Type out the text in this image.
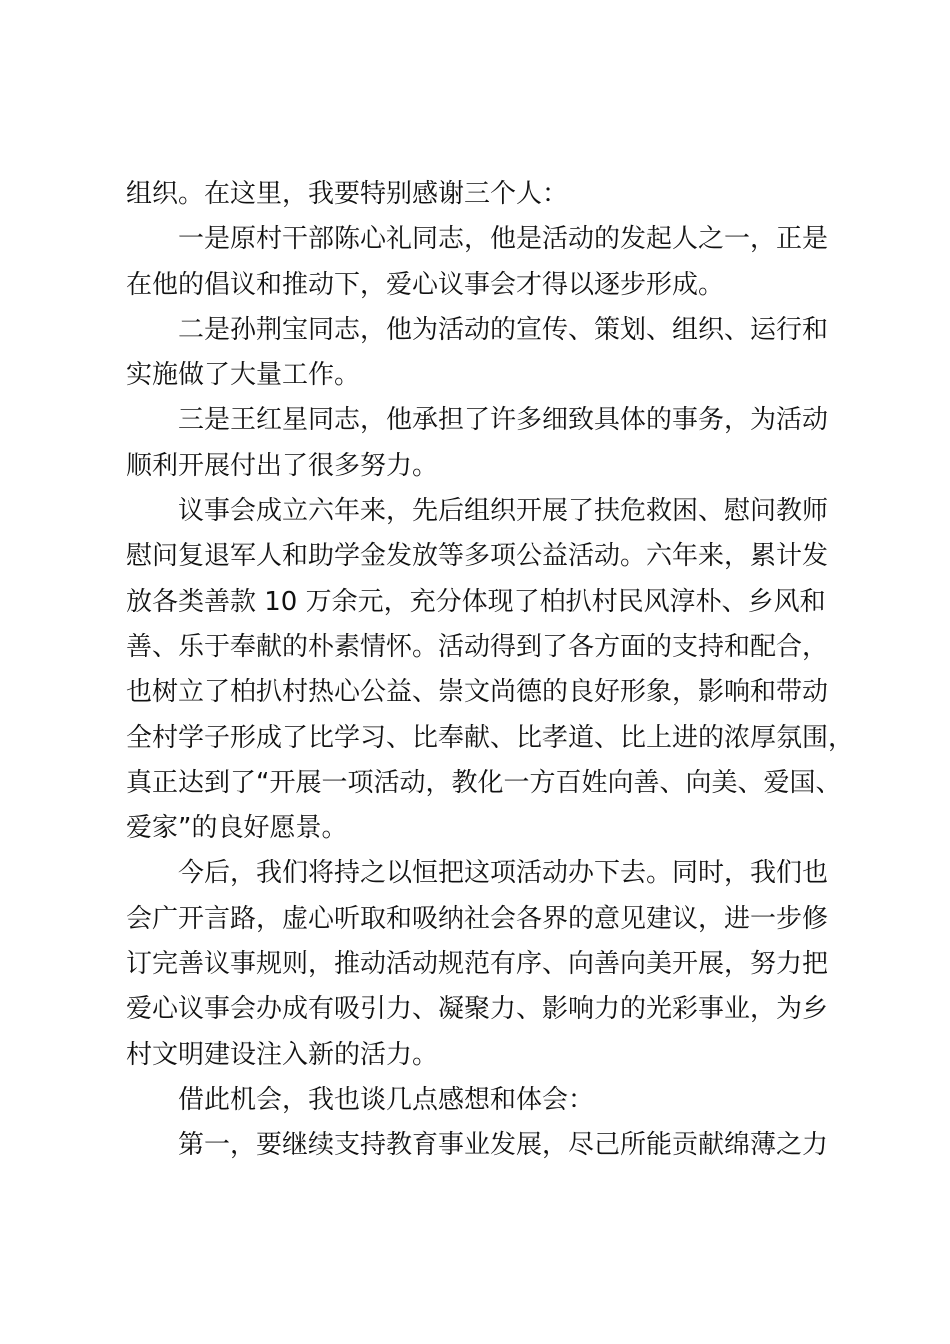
组织。在这里，我要特别感谢三个人：
一是原村干部陈心礼同志，他是活动的发起人之一，正是
在他的倡议和推动下，爱心议事会才得以逐步形成。
二是孙荆宝同志，他为活动的宣传、策划、组织、运行和
实施做了大量工作。
三是王红星同志，他承担了许多细致具体的事务，为活动
顺利开展付出了很多努力。
议事会成立六年来，先后组织开展了扶危救困、慰问教师
慰问复退军人和助学金发放等多项公益活动。六年来，累计发
放各类善款 10 万余元，充分体现了柏扒村民风淳朴、乡风和
善、乐于奉献的朴素情怀。活动得到了各方面的支持和配合，
也树立了柏扒村热心公益、崇文尚德的良好形象，影响和带动
全村学子形成了比学习、比奉献、比孝道、比上进的浓厚氛围，
真正达到了“开展一项活动，教化一方百姓向善、向美、爱国、
爱家”的良好愿景。
今后，我们将持之以恒把这项活动办下去。同时，我们也
会广开言路，虚心听取和吸纳社会各界的意见建议，进一步修
订完善议事规则，推动活动规范有序、向善向美开展，努力把
爱心议事会办成有吸引力、凝聚力、影响力的光彩事业，为乡
村文明建设注入新的活力。
借此机会，我也谈几点感想和体会：
第一，要继续支持教育事业发展，尽己所能贡献绵薄之力
